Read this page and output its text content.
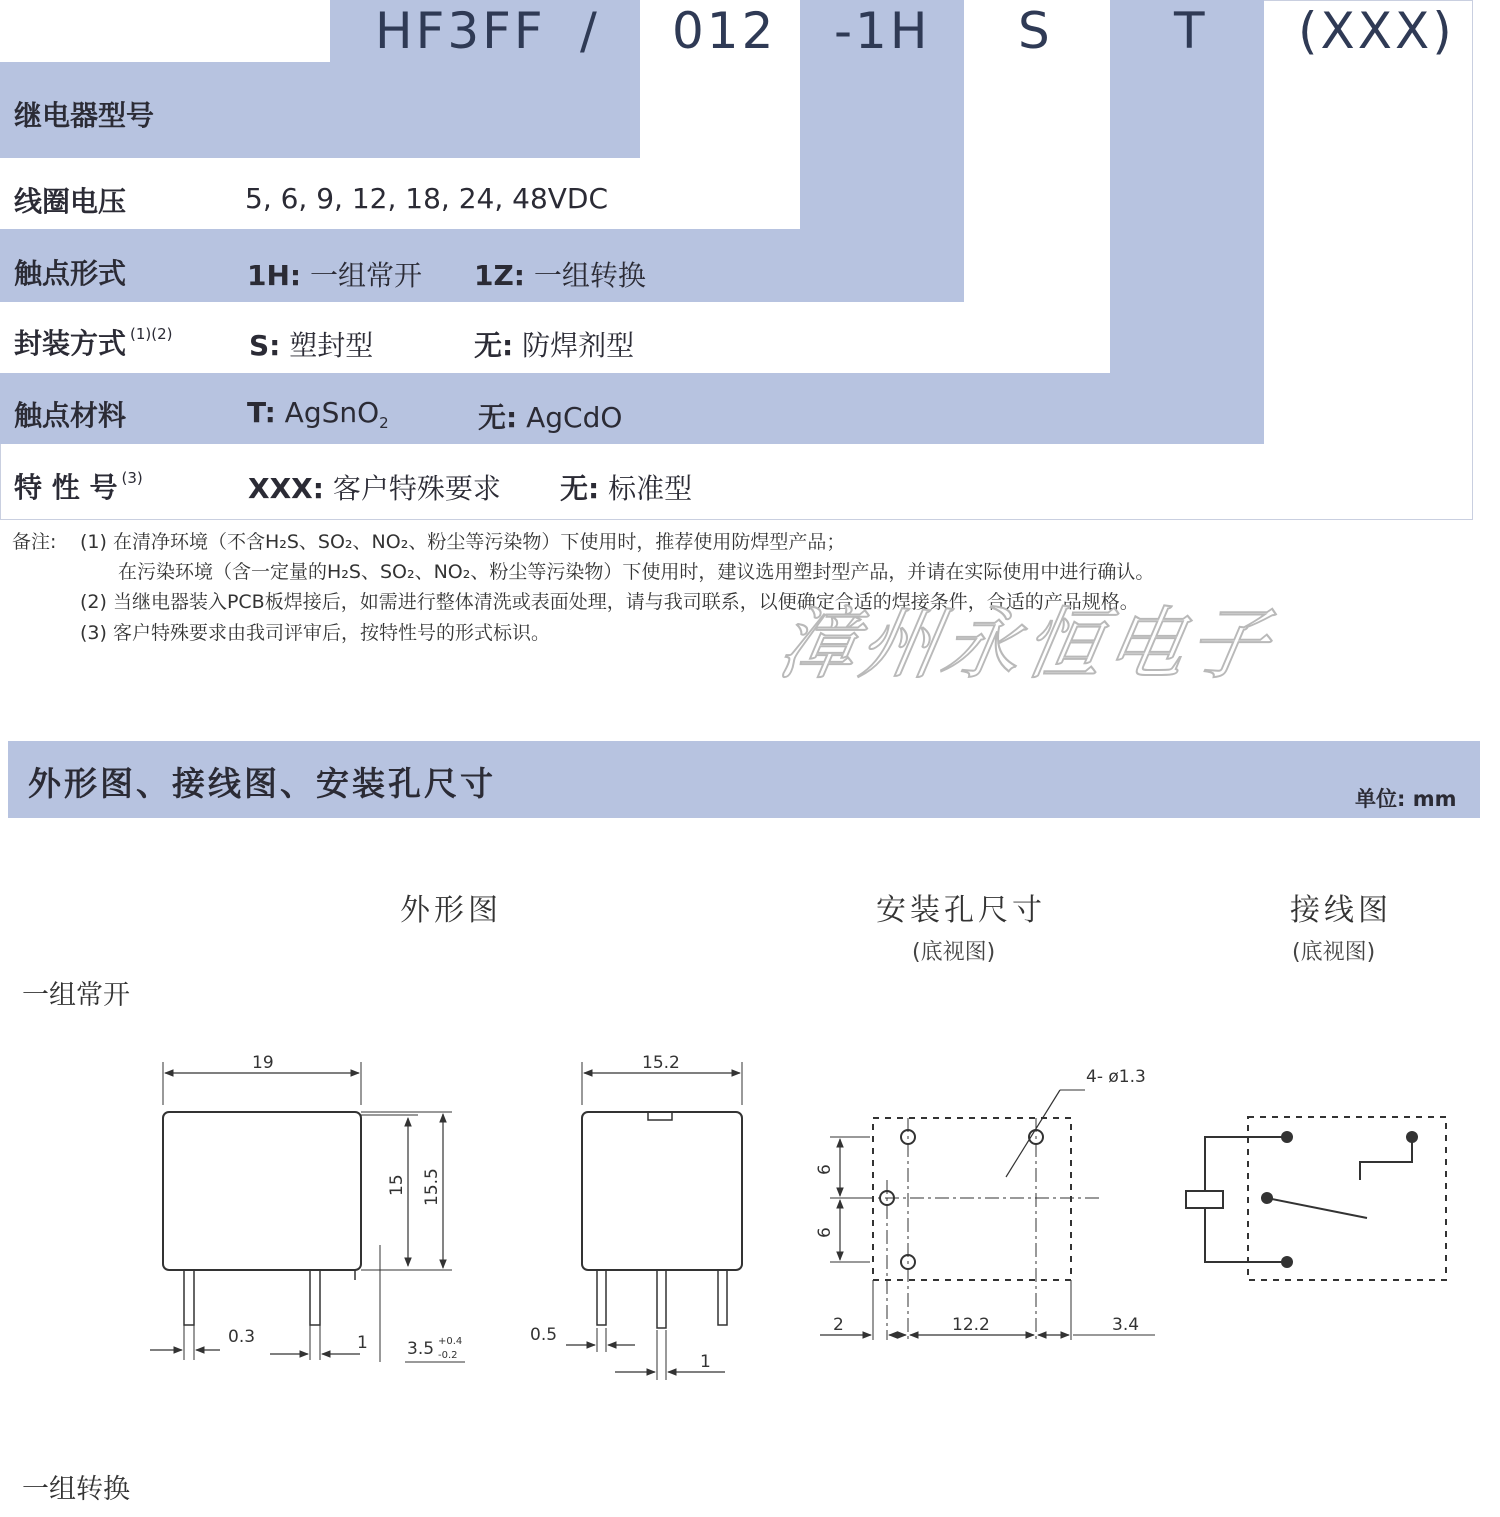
HF3FF / 012 -1H S T (XXX)
继电器型号
线圈电压	5, 6, 9, 12, 18, 24, 48VDC
触点形式	1H: 一组常开 1Z: 一组转换
封装方式 $^{(1)(2)}$	S: 塑封型	无: 防焊剂型
触点材料	T: AgSnO$_2$	无: AgCdO
特 性 号 $^{(3)}$	XXX: 客户特殊要求 无: 标准型
备注: (1) 在清净环境（不含H₂S、SO₂、NO₂、粉尘等污染物）下使用时，推荐使用防焊型产品；
在污染环境（含一定量的H₂S、SO₂、NO₂、粉尘等污染物）下使用时，建议选用塑封型产品，并请在实际使用中进行确认。
(2) 当继电器装入PCB板焊接后，如需进行整体清洗或表面处理，请与我司联系，以便确定合适的焊接条件，合适的产品规格。
(3) 客户特殊要求由我司评审后，按特性号的形式标识。	漳州永恒电子
外形图、接线图、安装孔尺寸	单位: mm
外形图	安装孔尺寸
(底视图)
接线图
(底视图)
一组常开
一组转换
19
15 15.5
0.3	1 3.5 +0.4
-0.2
15.2
0.5
1
4- ø1.3
6
6
2	12.2	3.4
